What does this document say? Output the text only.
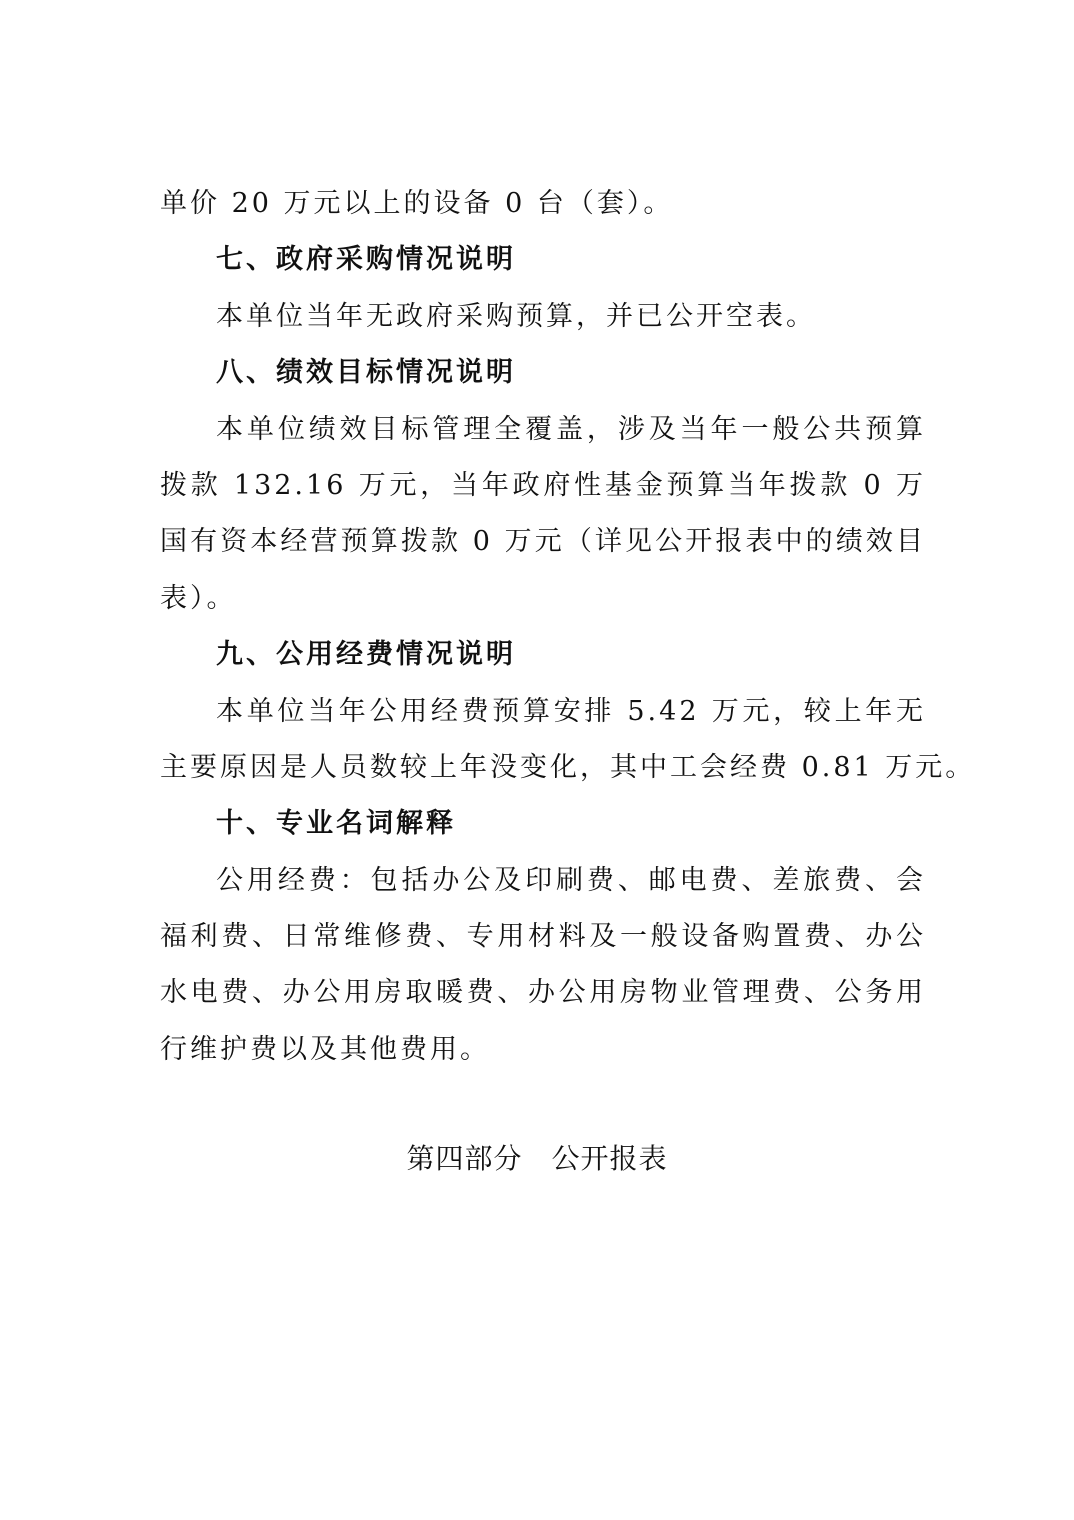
单价 20 万元以上的设备 0 台（套）。
七、政府采购情况说明
本单位当年无政府采购预算，并已公开空表。
八、绩效目标情况说明
本单位绩效目标管理全覆盖，涉及当年一般公共预算
拨款 132.16 万元，当年政府性基金预算当年拨款 0 万
国有资本经营预算拨款 0 万元（详见公开报表中的绩效目
表）。
九、公用经费情况说明
本单位当年公用经费预算安排 5.42 万元，较上年无
主要原因是人员数较上年没变化，其中工会经费 0.81 万元。
十、专业名词解释
公用经费：包括办公及印刷费、邮电费、差旅费、会
福利费、日常维修费、专用材料及一般设备购置费、办公
水电费、办公用房取暖费、办公用房物业管理费、公务用
行维护费以及其他费用。
第四部分　公开报表
